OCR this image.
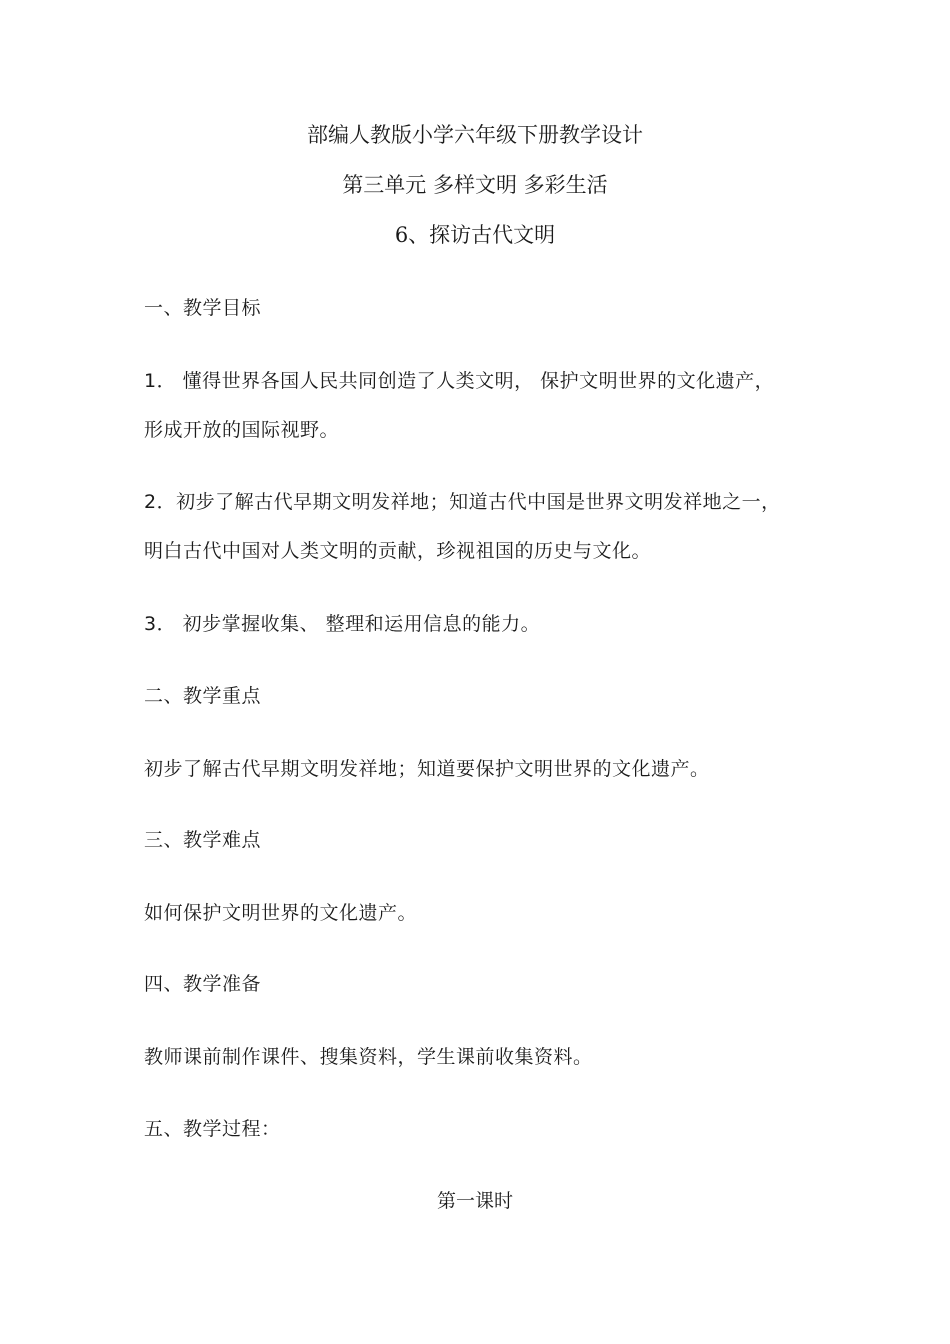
部编人教版小学六年级下册教学设计
第三单元 多样文明 多彩生活
6、探访古代文明
一、教学目标
1． 懂得世界各国人民共同创造了人类文明， 保护文明世界的文化遗产，
形成开放的国际视野。
2．初步了解古代早期文明发祥地；知道古代中国是世界文明发祥地之一，
明白古代中国对人类文明的贡献，珍视祖国的历史与文化。
3． 初步掌握收集、 整理和运用信息的能力。
二、教学重点
初步了解古代早期文明发祥地；知道要保护文明世界的文化遗产。
三、教学难点
如何保护文明世界的文化遗产。
四、教学准备
教师课前制作课件、搜集资料，学生课前收集资料。
五、教学过程：
第一课时
